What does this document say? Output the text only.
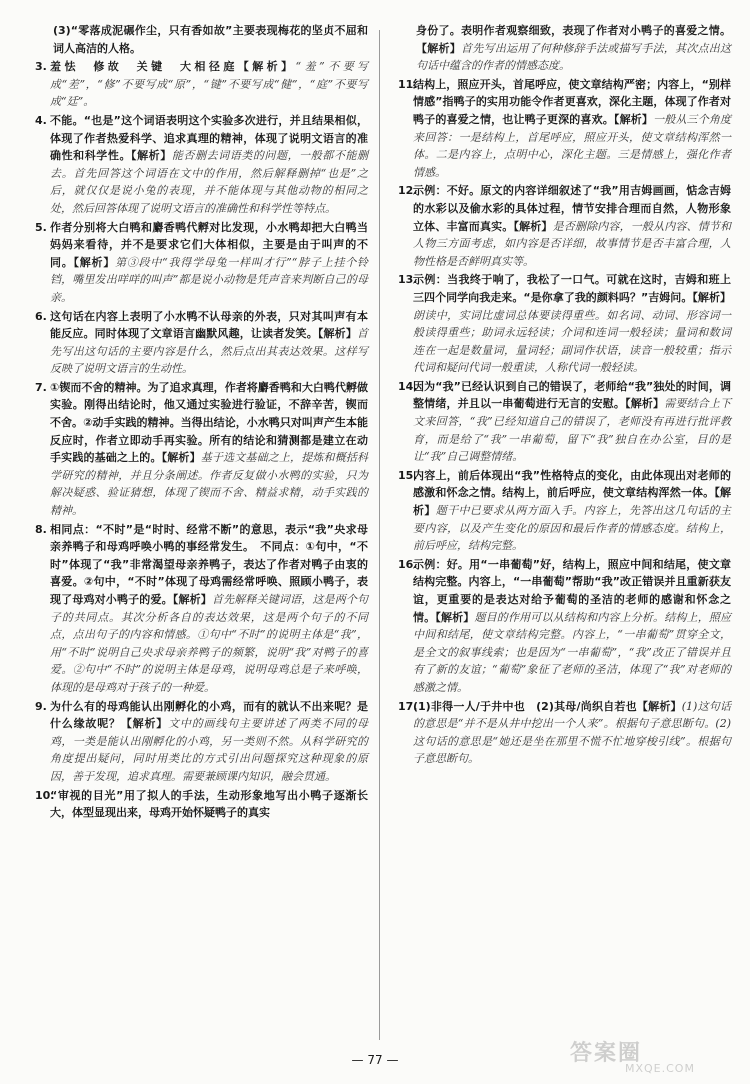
(3)“零落成泥碾作尘，只有香如故”主要表现梅花的坚贞不屈和词人高洁的人格。
3. 羞怯　修故　关键　大相径庭【解析】“羞”不要写成“差”，“修”不要写成“原”，“键”不要写成“健”，“庭”不要写成“廷”。
4. 不能。“也是”这个词语表明这个实验多次进行，并且结果相似，体现了作者热爱科学、追求真理的精神，体现了说明文语言的准确性和科学性。【解析】能否删去词语类的问题，一般都不能删去。首先回答这个词语在文中的作用，然后解释删掉“也是”之后，就仅仅是说小兔的表现，并不能体现与其他动物的相同之处，然后回答体现了说明文语言的准确性和科学性等特点。
5. 作者分别将大白鸭和麝香鸭代孵对比发现，小水鸭却把大白鸭当妈妈来看待，并不是要求它们大体相似，主要是由于叫声的不同。【解析】第③段中“我得学母兔一样叫才行”“脖子上挂个铃铛，嘴里发出咩咩的叫声”都是说小动物是凭声音来判断自己的母亲。
6. 这句话在内容上表明了小水鸭不认母亲的外表，只对其叫声有本能反应。同时体现了文章语言幽默风趣，让读者发笑。【解析】首先写出这句话的主要内容是什么，然后点出其表达效果。这样写反映了说明文语言的生动性。
7. ①锲而不舍的精神。为了追求真理，作者将麝香鸭和大白鸭代孵做实验。刚得出结论时，他又通过实验进行验证，不辞辛苦，锲而不舍。②动手实践的精神。当得出结论，小水鸭只对叫声产生本能反应时，作者立即动手再实验。所有的结论和猜测都是建立在动手实践的基础之上的。【解析】基于选文基础之上，提炼和概括科学研究的精神，并且分条阐述。作者反复做小水鸭的实验，只为解决疑惑、验证猜想，体现了锲而不舍、精益求精，动手实践的精神。
8. 相同点：“不时”是“时时、经常不断”的意思，表示“我”央求母亲养鸭子和母鸡呼唤小鸭的事经常发生。　不同点：①句中，“不时”体现了“我”非常渴望母亲养鸭子，表达了作者对鸭子由衷的喜爱。②句中，“不时”体现了母鸡需经常呼唤、照顾小鸭子，表现了母鸡对小鸭子的爱。【解析】首先解释关键词语，这是两个句子的共同点。其次分析各自的表达效果，这是两个句子的不同点，点出句子的内容和情感。①句中“不时”的说明主体是“我”，用“不时”说明自己央求母亲养鸭子的频繁，说明“我”对鸭子的喜爱。②句中“不时”的说明主体是母鸡，说明母鸡总是子来呼唤，体现的是母鸡对于孩子的一种爱。
9. 为什么有的母鸡能认出刚孵化的小鸡，而有的就认不出来呢？是什么缘故呢？【解析】文中的画线句主要讲述了两类不同的母鸡，一类是能认出刚孵化的小鸡，另一类则不然。从科学研究的角度提出疑问，同时用类比的方式引出问题探究这种现象的原因，善于发现，追求真理。需要兼顾课内知识，融会贯通。
10.
“审视的目光”用了拟人的手法，生动形象地写出小鸭子逐渐长大，体型显现出来，母鸡开始怀疑鸭子的真实
身份了。表明作者观察细致，表现了作者对小鸭子的喜爱之情。【解析】首先写出运用了何种修辞手法或描写手法，其次点出这句话中蕴含的作者的情感态度。
11.
结构上，照应开头，首尾呼应，使文章结构严密；内容上，“别样情感”指鸭子的实用功能令作者更喜欢，深化主题，体现了作者对鸭子的喜爱之情，也让鸭子更深的喜欢。【解析】一般从三个角度来回答：一是结构上，首尾呼应，照应开头，使文章结构浑然一体。二是内容上，点明中心，深化主题。三是情感上，强化作者情感。
12.
示例：不好。原文的内容详细叙述了“我”用吉姆画画，惦念吉姆的水彩以及偷水彩的具体过程，情节安排合理而自然，人物形象立体、丰富而真实。【解析】是否删除内容，一般从内容、情节和人物三方面考虑，如内容是否详细，故事情节是否丰富合理，人物性格是否鲜明真实等。
13.
示例：当我终于响了，我松了一口气。可就在这时，吉姆和班上三四个同学向我走来。“是你拿了我的颜料吗？”吉姆问。【解析】朗读中，实词比虚词总体要读得重些。如名词、动词、形容词一般读得重些；助词永远轻读；介词和连词一般轻读；量词和数词连在一起是数量词，量词轻；副词作状语，读音一般较重；指示代词和疑问代词一般重读，人称代词一般轻读。
14.
因为“我”已经认识到自己的错误了，老师给“我”独处的时间，调整情绪，并且以一串葡萄进行无言的安慰。【解析】需要结合上下文来回答，“我”已经知道自己的错误了，老师没有再进行批评教育，而是给了“我”一串葡萄，留下“我”独自在办公室，目的是让“我”自己调整情绪。
15.
内容上，前后体现出“我”性格特点的变化，由此体现出对老师的感激和怀念之情。结构上，前后呼应，使文章结构浑然一体。【解析】题干中已要求从两方面入手。内容上，先答出这几句话的主要内容，以及产生变化的原因和最后作者的情感态度。结构上，前后呼应，结构完整。
16.
示例：好。用“一串葡萄”好，结构上，照应中间和结尾，使文章结构完整。内容上，“一串葡萄”帮助“我”改正错误并且重新获友谊，更重要的是表达对给予葡萄的圣洁的老师的感谢和怀念之情。【解析】题目的作用可以从结构和内容上分析。结构上，照应中间和结尾，使文章结构完整。内容上，“一串葡萄”贯穿全文，是全文的叙事线索；也是因为“一串葡萄”，“我”改正了错误并且有了新的友谊；“葡萄”象征了老师的圣洁，体现了“我”对老师的感激之情。
17.
(1)非得一人/于井中也　(2)其母/尚织自若也【解析】(1)这句话的意思是“并不是从井中挖出一个人来”。根据句子意思断句。(2)这句话的意思是“她还是坐在那里不慌不忙地穿梭引线”。根据句子意思断句。
— 77 —	答案圈
MXQE.COM
